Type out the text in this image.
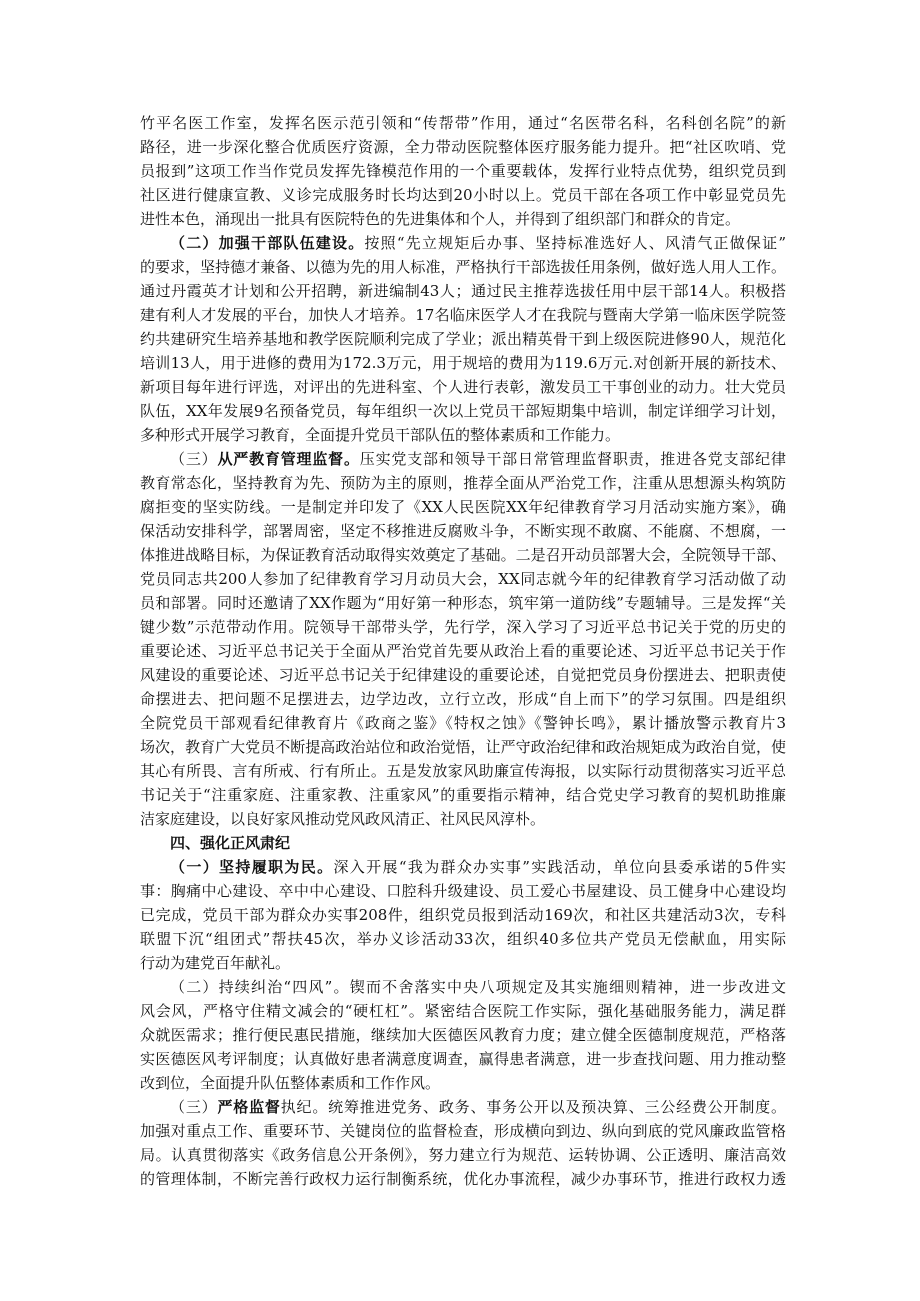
竹平名医工作室，发挥名医示范引领和“传帮带”作用，通过“名医带名科，名科创名院”的新
路径，进一步深化整合优质医疗资源，全力带动医院整体医疗服务能力提升。把“社区吹哨、党
员报到”这项工作当作党员发挥先锋模范作用的一个重要载体，发挥行业特点优势，组织党员到
社区进行健康宣教、义诊完成服务时长均达到20小时以上。党员干部在各项工作中彰显党员先
进性本色，涌现出一批具有医院特色的先进集体和个人，并得到了组织部门和群众的肯定。
（二）加强干部队伍建设。按照“先立规矩后办事、坚持标准选好人、风清气正做保证”
的要求，坚持德才兼备、以德为先的用人标准，严格执行干部选拔任用条例，做好选人用人工作。
通过丹霞英才计划和公开招聘，新进编制43人；通过民主推荐选拔任用中层干部14人。积极搭
建有利人才发展的平台，加快人才培养。17名临床医学人才在我院与暨南大学第一临床医学院签
约共建研究生培养基地和教学医院顺利完成了学业；派出精英骨干到上级医院进修90人，规范化
培训13人，用于进修的费用为172.3万元，用于规培的费用为119.6万元.对创新开展的新技术、
新项目每年进行评选，对评出的先进科室、个人进行表彰，激发员工干事创业的动力。壮大党员
队伍，XX年发展9名预备党员，每年组织一次以上党员干部短期集中培训，制定详细学习计划，
多种形式开展学习教育，全面提升党员干部队伍的整体素质和工作能力。
（三）从严教育管理监督。压实党支部和领导干部日常管理监督职责，推进各党支部纪律
教育常态化，坚持教育为先、预防为主的原则，推荐全面从严治党工作，注重从思想源头构筑防
腐拒变的坚实防线。一是制定并印发了《XX人民医院XX年纪律教育学习月活动实施方案》，确
保活动安排科学，部署周密，坚定不移推进反腐败斗争，不断实现不敢腐、不能腐、不想腐，一
体推进战略目标，为保证教育活动取得实效奠定了基础。二是召开动员部署大会，全院领导干部、
党员同志共200人参加了纪律教育学习月动员大会，XX同志就今年的纪律教育学习活动做了动
员和部署。同时还邀请了XX作题为“用好第一种形态，筑牢第一道防线”专题辅导。三是发挥“关
键少数”示范带动作用。院领导干部带头学，先行学，深入学习了习近平总书记关于党的历史的
重要论述、习近平总书记关于全面从严治党首先要从政治上看的重要论述、习近平总书记关于作
风建设的重要论述、习近平总书记关于纪律建设的重要论述，自觉把党员身份摆进去、把职责使
命摆进去、把问题不足摆进去，边学边改，立行立改，形成“自上而下”的学习氛围。四是组织
全院党员干部观看纪律教育片《政商之鉴》《特权之蚀》《警钟长鸣》，累计播放警示教育片3
场次，教育广大党员不断提高政治站位和政治觉悟，让严守政治纪律和政治规矩成为政治自觉，使
其心有所畏、言有所戒、行有所止。五是发放家风助廉宣传海报，以实际行动贯彻落实习近平总
书记关于“注重家庭、注重家教、注重家风”的重要指示精神，结合党史学习教育的契机助推廉
洁家庭建设，以良好家风推动党风政风清正、社风民风淳朴。
四、强化正风肃纪
（一）坚持履职为民。深入开展“我为群众办实事”实践活动，单位向县委承诺的5件实
事：胸痛中心建设、卒中中心建设、口腔科升级建设、员工爱心书屋建设、员工健身中心建设均
已完成，党员干部为群众办实事208件，组织党员报到活动169次，和社区共建活动3次，专科
联盟下沉“组团式”帮扶45次，举办义诊活动33次，组织40多位共产党员无偿献血，用实际
行动为建党百年献礼。
（二）持续纠治“四风”。锲而不舍落实中央八项规定及其实施细则精神，进一步改进文
风会风，严格守住精文减会的“硬杠杠”。紧密结合医院工作实际，强化基础服务能力，满足群
众就医需求；推行便民惠民措施，继续加大医德医风教育力度；建立健全医德制度规范，严格落
实医德医风考评制度；认真做好患者满意度调查，赢得患者满意，进一步查找问题、用力推动整
改到位，全面提升队伍整体素质和工作作风。
（三）严格监督执纪。统筹推进党务、政务、事务公开以及预决算、三公经费公开制度。
加强对重点工作、重要环节、关键岗位的监督检查，形成横向到边、纵向到底的党风廉政监管格
局。认真贯彻落实《政务信息公开条例》，努力建立行为规范、运转协调、公正透明、廉洁高效
的管理体制，不断完善行政权力运行制衡系统，优化办事流程，减少办事环节，推进行政权力透
